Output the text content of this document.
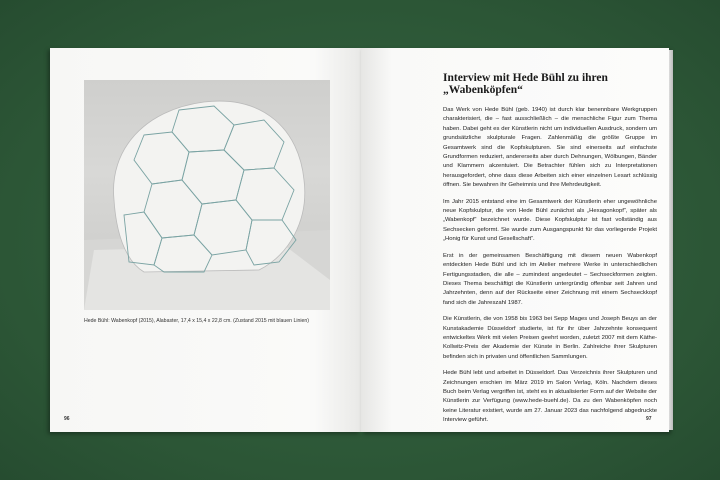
Hede Bühl: Wabenkopf (2015), Alabaster, 17,4 x 15,4 x 22,8 cm. (Zustand 2015 mit blauen Linien)
96
Interview mit Hede Bühl zu ihren „Wabenköpfen“

Das Werk von Hede Bühl (geb. 1940) ist durch klar benennbare Werkgruppen charakterisiert, die – fast ausschließlich – die menschliche Figur zum Thema haben. Dabei geht es der Künstlerin nicht um individuellen Ausdruck, sondern um grundsätzliche skulpturale Fragen. Zahlenmäßig die größte Gruppe im Gesamtwerk sind die Kopfskulpturen. Sie sind einerseits auf einfachste Grundformen reduziert, andererseits aber durch Dehnungen, Wölbungen, Bänder und Klammern akzentuiert. Die Betrachter fühlen sich zu Interpretationen herausgefordert, ohne dass diese Arbeiten sich einer einzelnen Lesart schlüssig öffnen. Sie bewahren ihr Geheimnis und ihre Mehrdeutigkeit.

Im Jahr 2015 entstand eine im Gesamtwerk der Künstlerin eher ungewöhnliche neue Kopfskulptur, die von Hede Bühl zunächst als „Hexagonkopf“, später als „Wabenkopf“ bezeichnet wurde. Diese Kopfskulptur ist fast vollständig aus Sechsecken geformt. Sie wurde zum Ausgangspunkt für das vorliegende Projekt „Honig für Kunst und Gesellschaft“.

Erst in der gemeinsamen Beschäftigung mit diesem neuen Wabenkopf entdeckten Hede Bühl und ich im Atelier mehrere Werke in unterschiedlichen Fertigungsstadien, die alle – zumindest angedeutet – Sechseckformen zeigten. Dieses Thema beschäftigt die Künstlerin untergründig offenbar seit Jahren und Jahrzehnten, denn auf der Rückseite einer Zeichnung mit einem Sechseckkopf fand sich die Jahreszahl 1987.

Die Künstlerin, die von 1958 bis 1963 bei Sepp Mages und Joseph Beuys an der Kunstakademie Düsseldorf studierte, ist für ihr über Jahrzehnte konsequent entwickeltes Werk mit vielen Preisen geehrt worden, zuletzt 2007 mit dem Käthe-Kollwitz-Preis der Akademie der Künste in Berlin. Zahlreiche ihrer Skulpturen befinden sich in privaten und öffentlichen Sammlungen.

Hede Bühl lebt und arbeitet in Düsseldorf. Das Verzeichnis ihrer Skulpturen und Zeichnungen erschien im März 2019 im Salon Verlag, Köln. Nachdem dieses Buch beim Verlag vergriffen ist, steht es in aktualisierter Form auf der Website der Künstlerin zur Verfügung (www.hede-buehl.de). Da zu den Wabenköpfen noch keine Literatur existiert, wurde am 27. Januar 2023 das nachfolgend abgedruckte Interview geführt.	97
